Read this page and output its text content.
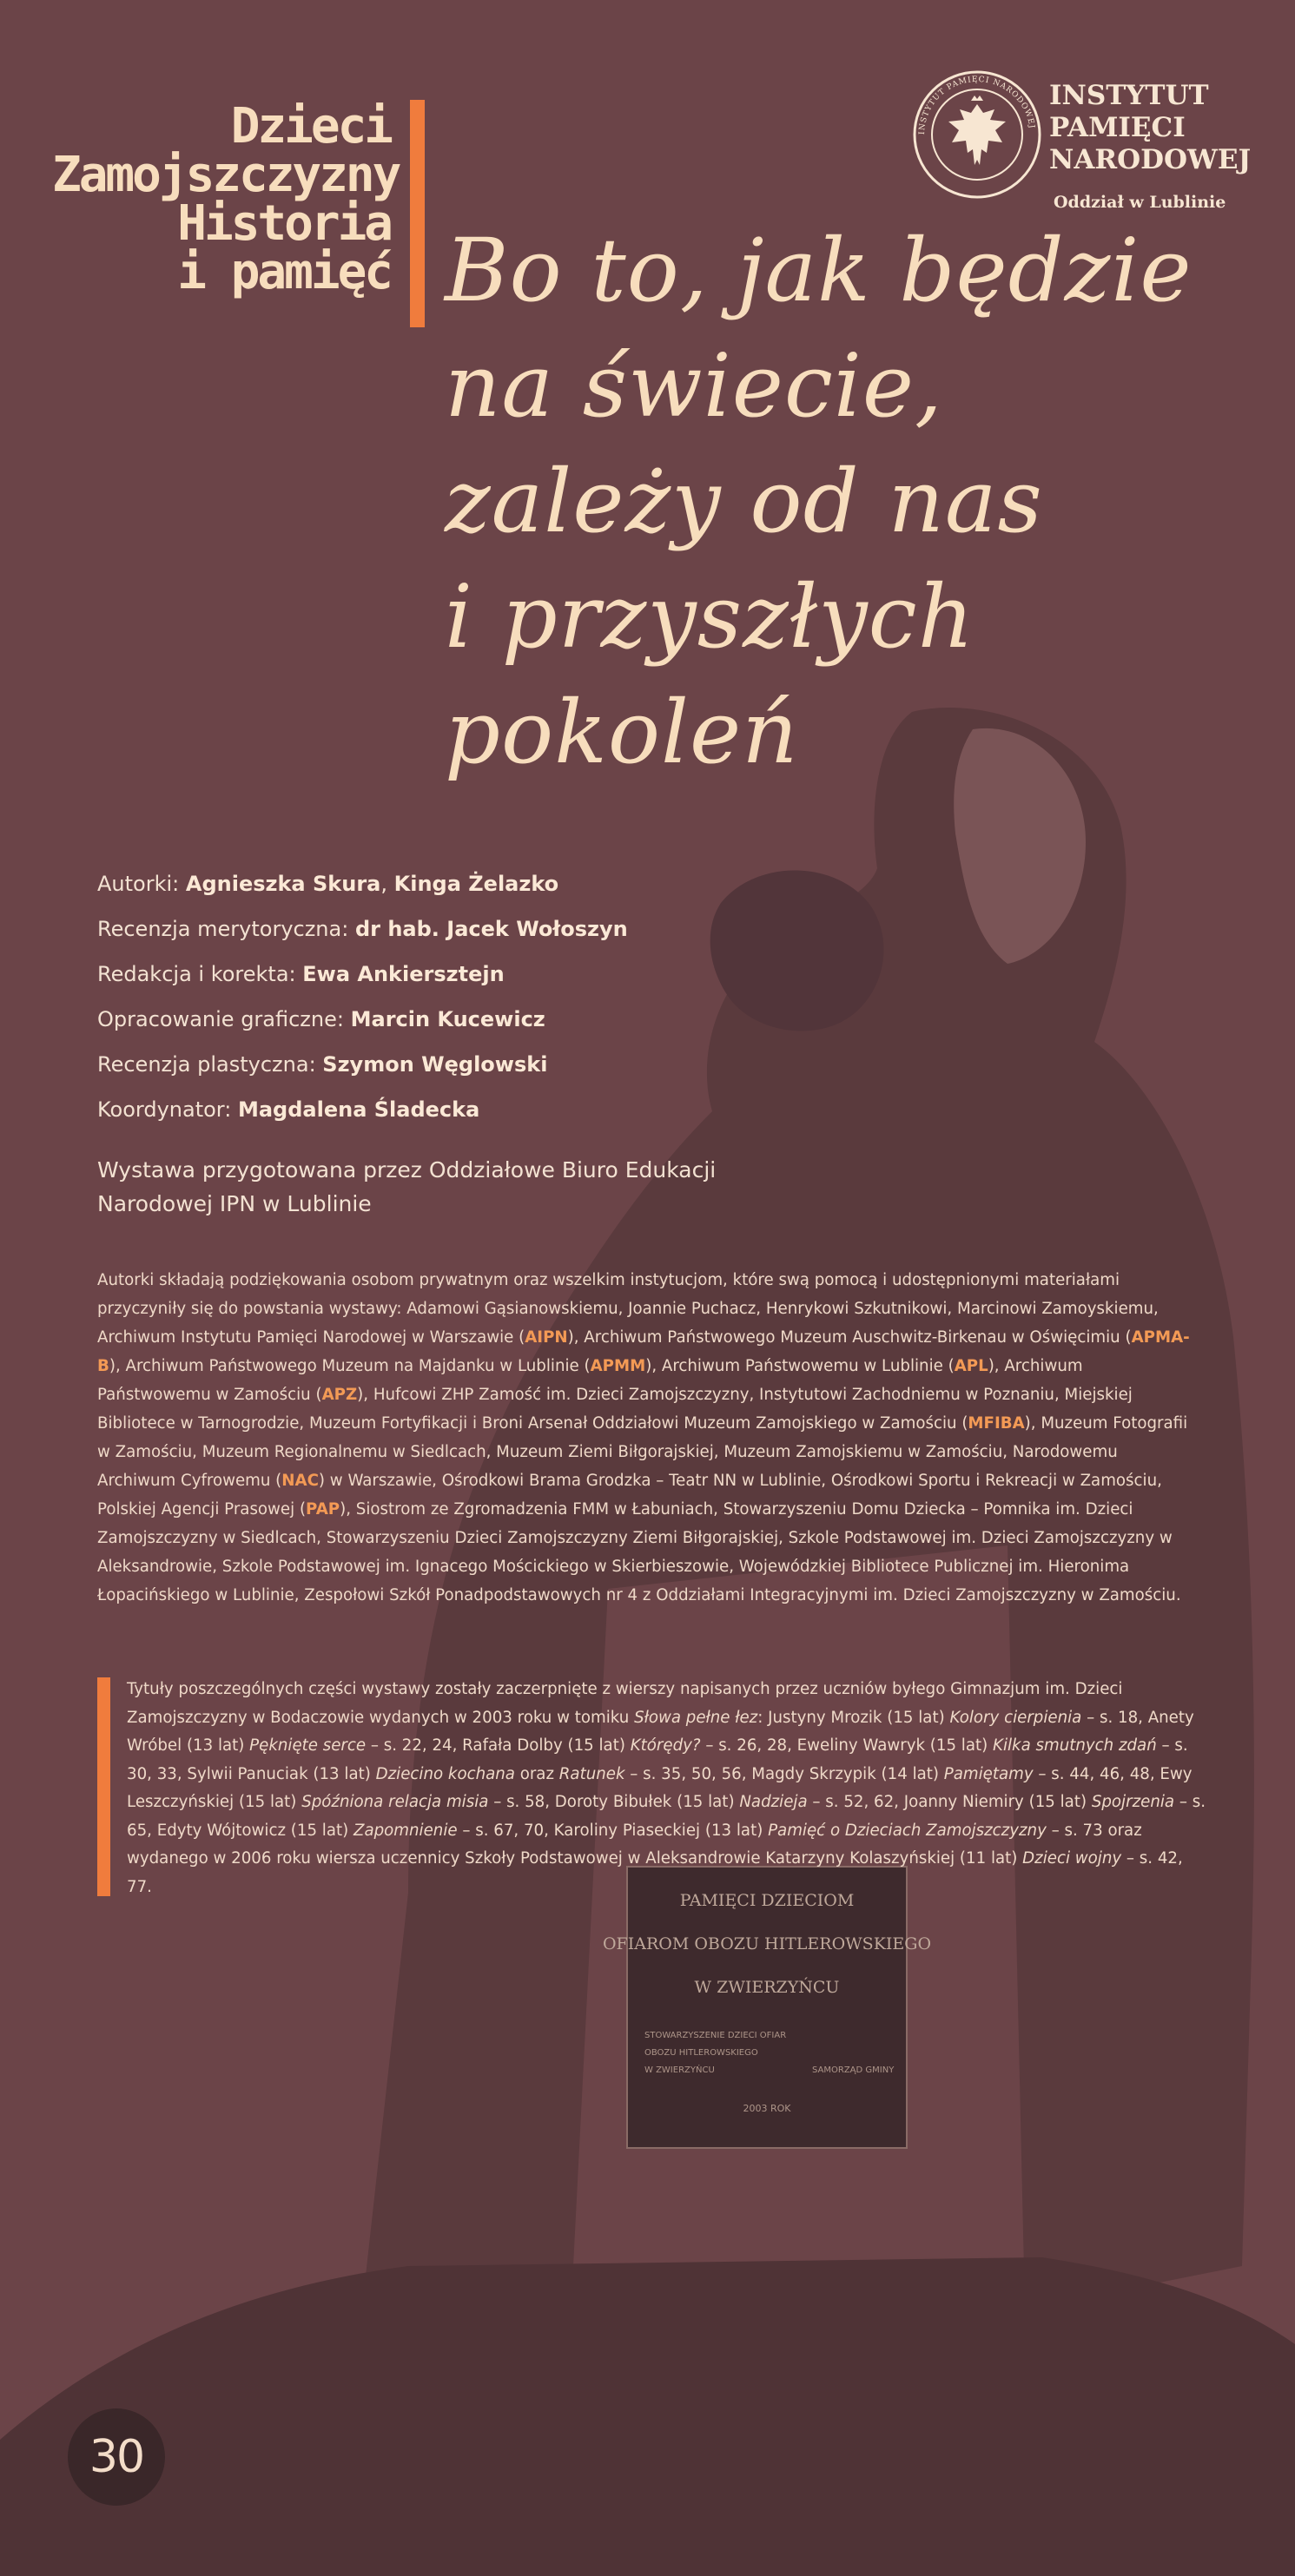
PAMIĘCI DZIECIOM
OFIAROM OBOZU HITLEROWSKIEGO
W ZWIERZYŃCU
STOWARZYSZENIE DZIECI OFIAR
OBOZU HITLEROWSKIEGO
W ZWIERZYŃCU	SAMORZĄD GMINY
2003 ROK
Dzieci
Zamojszczyzny
Historia
i pamięć
INSTYTUT PAMIĘCI NARODOWEJ
INSTYTUT
PAMIĘCI
NARODOWEJ
Oddział w Lublinie
Bo to, jak będzie
na świecie,
zależy od nas
i przyszłych
pokoleń
Autorki: Agnieszka Skura, Kinga Żelazko
Recenzja merytoryczna: dr hab. Jacek Wołoszyn
Redakcja i korekta: Ewa Ankiersztejn
Opracowanie graficzne: Marcin Kucewicz
Recenzja plastyczna: Szymon Węglowski
Koordynator: Magdalena Śladecka
Wystawa przygotowana przez Oddziałowe Biuro Edukacji
Narodowej IPN w Lublinie

Autorki składają podziękowania osobom prywatnym oraz wszelkim instytucjom, które swą pomocą i udostępnionymi materiałami przyczyniły się do powstania wystawy: Adamowi Gąsianowskiemu, Joannie Puchacz, Henrykowi Szkutnikowi, Marcinowi Zamoyskiemu, Archiwum Instytutu Pamięci Narodowej w Warszawie (AIPN), Archiwum Państwowego Muzeum Auschwitz-Birkenau w Oświęcimiu (APMA-B), Archiwum Państwowego Muzeum na Majdanku w Lublinie (APMM), Archiwum Państwowemu w Lublinie (APL), Archiwum Państwowemu w Zamościu (APZ), Hufcowi ZHP Zamość im. Dzieci Zamojszczyzny, Instytutowi Zachodniemu w Poznaniu, Miejskiej Bibliotece w Tarnogrodzie, Muzeum Fortyfikacji i Broni Arsenał Oddziałowi Muzeum Zamojskiego w Zamościu (MFIBA), Muzeum Fotografii w Zamościu, Muzeum Regionalnemu w Siedlcach, Muzeum Ziemi Biłgorajskiej, Muzeum Zamojskiemu w Zamościu, Narodowemu Archiwum Cyfrowemu (NAC) w Warszawie, Ośrodkowi Brama Grodzka – Teatr NN w Lublinie, Ośrodkowi Sportu i Rekreacji w Zamościu, Polskiej Agencji Prasowej (PAP), Siostrom ze Zgromadzenia FMM w Łabuniach, Stowarzyszeniu Domu Dziecka – Pomnika im. Dzieci Zamojszczyzny w Siedlcach, Stowarzyszeniu Dzieci Zamojszczyzny Ziemi Biłgorajskiej, Szkole Podstawowej im. Dzieci Zamojszczyzny w Aleksandrowie, Szkole Podstawowej im. Ignacego Mościckiego w Skierbieszowie, Wojewódzkiej Bibliotece Publicznej im. Hieronima Łopacińskiego w Lublinie, Zespołowi Szkół Ponadpodstawowych nr 4 z Oddziałami Integracyjnymi im. Dzieci Zamojszczyzny w Zamościu.

Tytuły poszczególnych części wystawy zostały zaczerpnięte z wierszy napisanych przez uczniów byłego Gimnazjum im. Dzieci Zamojszczyzny w Bodaczowie wydanych w 2003 roku w tomiku Słowa pełne łez: Justyny Mrozik (15 lat) Kolory cierpienia – s. 18, Anety Wróbel (13 lat) Pęknięte serce – s. 22, 24, Rafała Dolby (15 lat) Którędy? – s. 26, 28, Eweliny Wawryk (15 lat) Kilka smutnych zdań – s. 30, 33, Sylwii Panuciak (13 lat) Dziecino kochana oraz Ratunek – s. 35, 50, 56, Magdy Skrzypik (14 lat) Pamiętamy – s. 44, 46, 48, Ewy Leszczyńskiej (15 lat) Spóźniona relacja misia – s. 58, Doroty Bibułek (15 lat) Nadzieja – s. 52, 62, Joanny Niemiry (15 lat) Spojrzenia – s. 65, Edyty Wójtowicz (15 lat) Zapomnienie – s. 67, 70, Karoliny Piaseckiej (13 lat) Pamięć o Dzieciach Zamojszczyzny – s. 73 oraz wydanego w 2006 roku wiersza uczennicy Szkoły Podstawowej w Aleksandrowie Katarzyny Kolaszyńskiej (11 lat) Dzieci wojny – s. 42, 77.

30
